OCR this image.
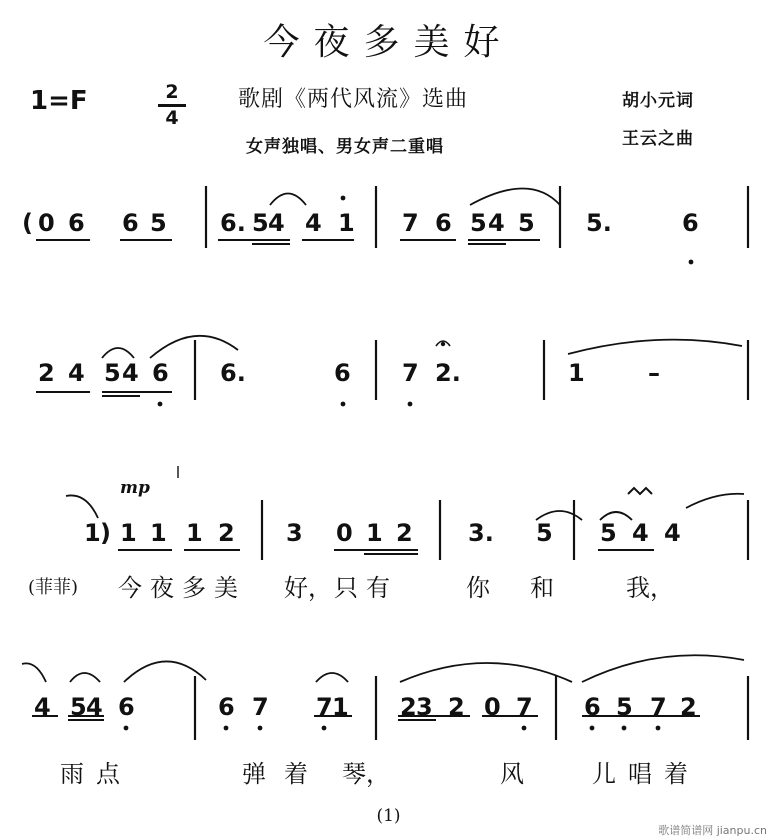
今夜多美好
1=F	2
4
歌剧《两代风流》选曲
女声独唱、男女声二重唱
胡小元词
王云之曲
mp
(菲菲)
( 0 6 6 5 6. 5 4 4 1 7 6 5 4 5 5.	6
2 4 5 4 6 6.	6 7 2.	1	–
1 ) 1 1 1 2 3 0 1 2 3. 5 5 4 4
今 夜 多 美 好， 只 有	你 和	我，
4 5 4 6	6 7 7 1 2 3 2 0 7 6 5 7 2
雨 点	弹 着 琴，	风	儿 唱 着
(1)
歌谱简谱网 jianpu.cn
